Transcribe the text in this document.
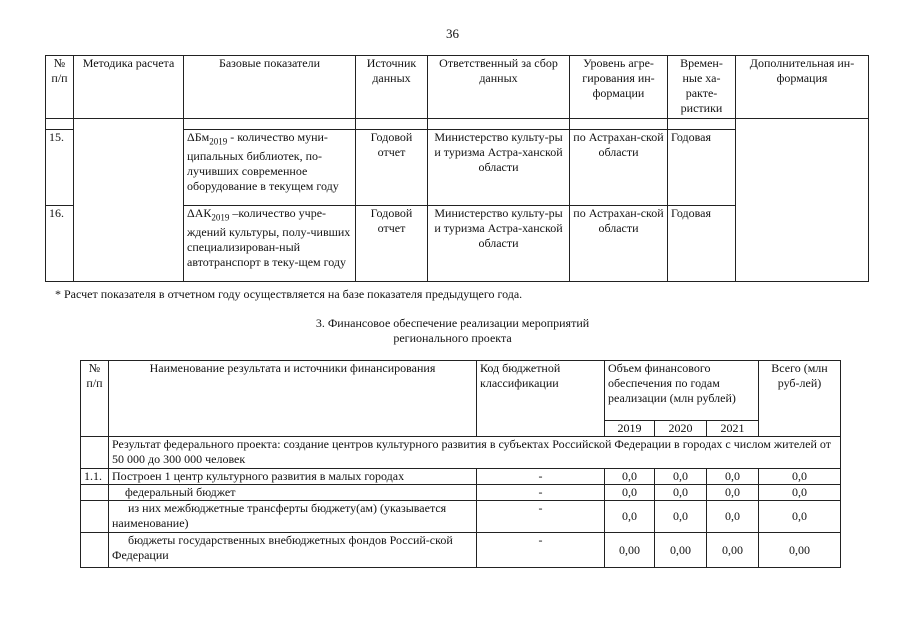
36
№ п/п	Методика расчета	Базовые показатели	Источник данных	Ответственный за сбор данных	Уровень агре-гирования ин-формации	Времен-ные ха-ракте-ристики	Дополнительная ин-формация

15.		ΔБм$_{2019}$ - количество муни-ципальных библиотек, по-лучивших современное оборудование в текущем году	Годовой отчет	Министерство культу-ры и туризма Астра-ханской области	по Астрахан-ской области	Годовая	
16.		$\Delta АК_{2019}$ –количество учре-ждений культуры, полу-чивших специализирован-ный автотранспорт в теку-щем году	Годовой отчет	Министерство культу-ры и туризма Астра-ханской области	по Астрахан-ской области	Годовая	
* Расчет показателя в отчетном году осуществляется на базе показателя предыдущего года.
3. Финансовое обеспечение реализации мероприятий
регионального проекта
№ п/п	Наименование результата и источники финансирования	Код бюджетной классификации	Объем финансового обеспечения по годам реализации (млн рублей)			Всего (млн руб-лей)
			2019	2020	2021	
	Результат федерального проекта: создание центров культурного развития в субъектах Российской Федерации в городах с числом жителей от 50 000 до 300 000 человек					
1.1.	Построен 1 центр культурного развития в малых городах	-	0,0	0,0	0,0	0,0
	федеральный бюджет	-	0,0	0,0	0,0	0,0
	из них межбюджетные трансферты бюджету(ам) (указывается наименование)	-	0,0	0,0	0,0	0,0
	бюджеты государственных внебюджетных фондов Россий-ской Федерации	-	0,00	0,00	0,00	0,00
